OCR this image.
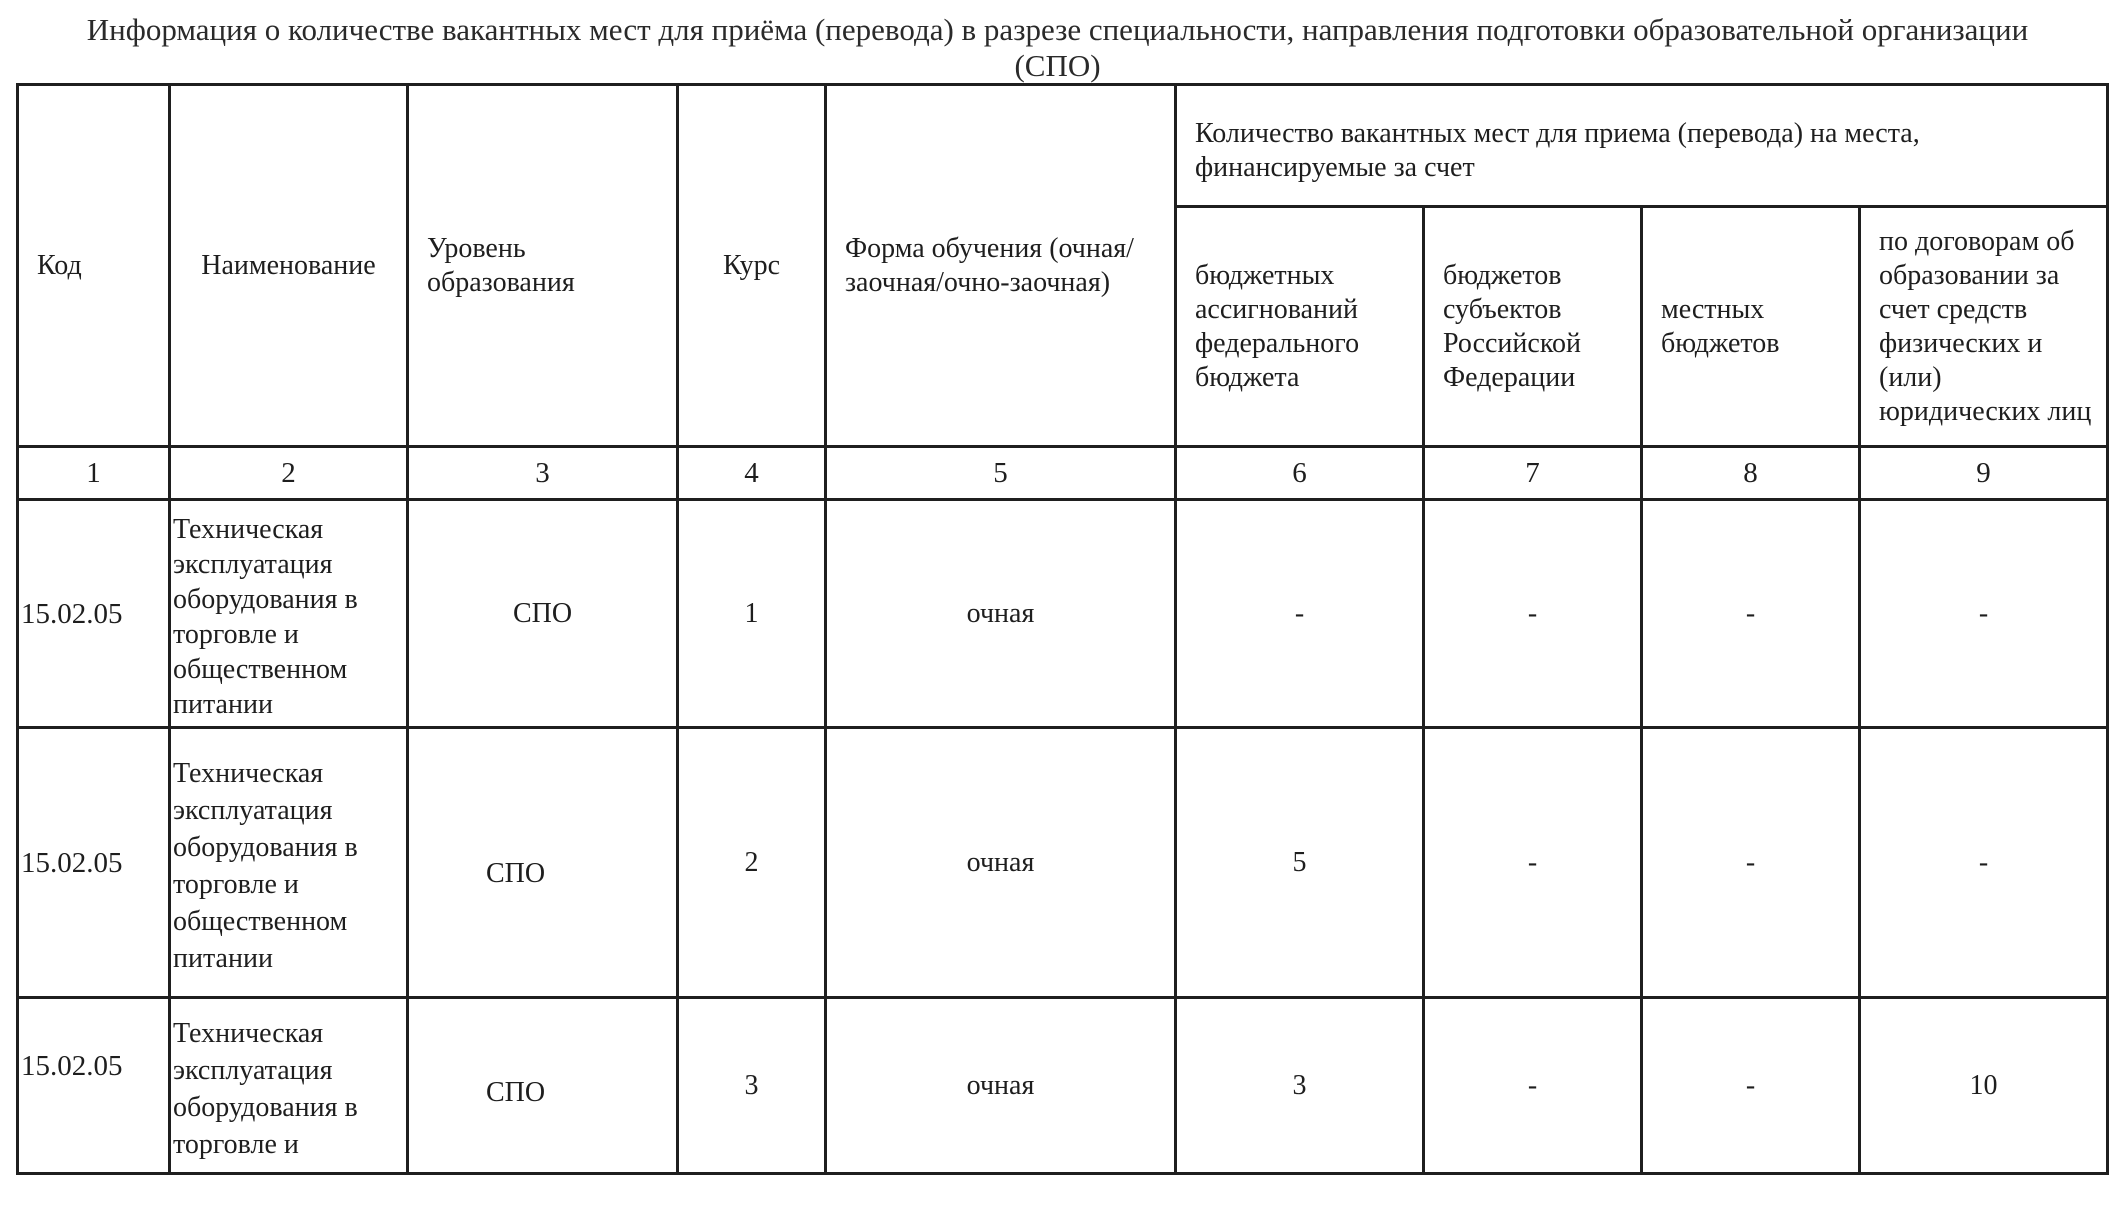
Информация о количестве вакантных мест для приёма (перевода) в разрезе специальности, направления подготовки образовательной организации
(СПО)
Код	Наименование	Уровень образования	Курс	Форма обучения (очная/заочная/очно-заочная)	Количество вакантных мест для приема (перевода) на места, финансируемые за счет			
					бюджетных ассигнований федерального бюджета	бюджетов субъектов Российской Федерации	местных бюджетов	по договорам об образовании за счет средств физических и (или) юридических лиц
1	2	3	4	5	6	7	8	9
15.02.05	Техническая эксплуатация оборудования в торговле и общественном питании	СПО	1	очная	-	-	-	-
15.02.05	Техническая эксплуатация оборудования в торговле и общественном питании	СПО	2	очная	5	-	-	-
15.02.05	Техническая эксплуатация оборудования в торговле и	СПО	3	очная	3	-	-	10
